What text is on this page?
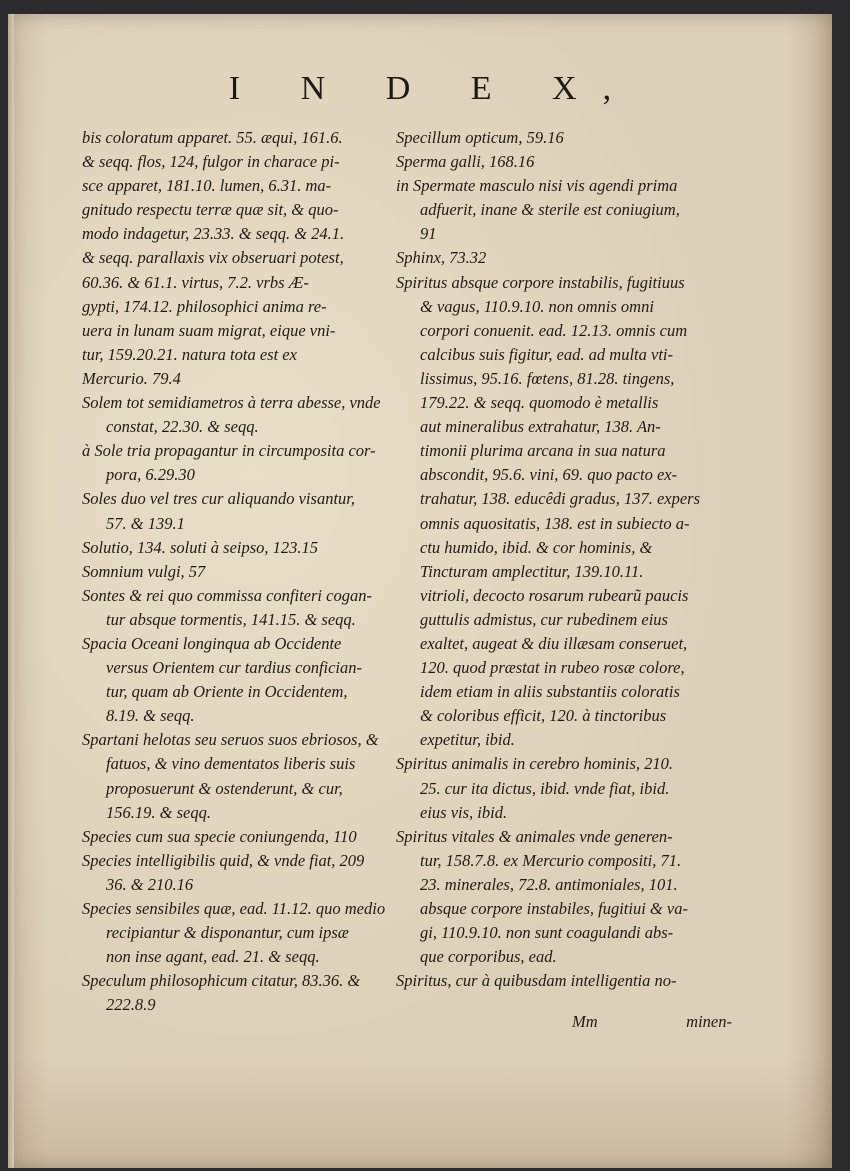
I N D E X,
bis coloratum apparet. 55. æqui, 161.6.
& seqq. flos, 124, fulgor in charace pi-
sce apparet, 181.10. lumen, 6.31. ma-
gnitudo respectu terræ quæ sit, & quo-
modo indagetur, 23.33. & seqq. & 24.1.
& seqq. parallaxis vix obseruari potest,
60.36. & 61.1. virtus, 7.2. vrbs Æ-
gypti, 174.12. philosophici anima re-
uera in lunam suam migrat, eique vni-
tur, 159.20.21. natura tota est ex
Mercurio. 79.4
Solem tot semidiametros à terra abesse, vnde
constat, 22.30. & seqq.
à Sole tria propagantur in circumposita cor-
pora, 6.29.30
Soles duo vel tres cur aliquando visantur,
57. & 139.1
Solutio, 134. soluti à seipso, 123.15
Somnium vulgi, 57
Sontes & rei quo commissa confiteri cogan-
tur absque tormentis, 141.15. & seqq.
Spacia Oceani longinqua ab Occidente
versus Orientem cur tardius confician-
tur, quam ab Oriente in Occidentem,
8.19. & seqq.
Spartani helotas seu seruos suos ebriosos, &
fatuos, & vino dementatos liberis suis
proposuerunt & ostenderunt, & cur,
156.19. & seqq.
Species cum sua specie coniungenda, 110
Species intelligibilis quid, & vnde fiat, 209
36. & 210.16
Species sensibiles quæ, ead. 11.12. quo medio
recipiantur & disponantur, cum ipsæ
non inse agant, ead. 21. & seqq.
Speculum philosophicum citatur, 83.36. &
222.8.9
Specillum opticum, 59.16
Sperma galli, 168.16
in Spermate masculo nisi vis agendi prima
adfuerit, inane & sterile est coniugium,
91
Sphinx, 73.32
Spiritus absque corpore instabilis, fugitiuus
& vagus, 110.9.10. non omnis omni
corpori conuenit. ead. 12.13. omnis cum
calcibus suis figitur, ead. ad multa vti-
lissimus, 95.16. fœtens, 81.28. tingens,
179.22. & seqq. quomodo è metallis
aut mineralibus extrahatur, 138. An-
timonii plurima arcana in sua natura
abscondit, 95.6. vini, 69. quo pacto ex-
trahatur, 138. educêdi gradus, 137. expers
omnis aquositatis, 138. est in subiecto a-
ctu humido, ibid. & cor hominis, &
Tincturam amplectitur, 139.10.11.
vitrioli, decocto rosarum rubearũ paucis
guttulis admistus, cur rubedinem eius
exaltet, augeat & diu illæsam conseruet,
120. quod præstat in rubeo rosæ colore,
idem etiam in aliis substantiis coloratis
& coloribus efficit, 120. à tinctoribus
expetitur, ibid.
Spiritus animalis in cerebro hominis, 210.
25. cur ita dictus, ibid. vnde fiat, ibid.
eius vis, ibid.
Spiritus vitales & animales vnde generen-
tur, 158.7.8. ex Mercurio compositi, 71.
23. minerales, 72.8. antimoniales, 101.
absque corpore instabiles, fugitiui & va-
gi, 110.9.10. non sunt coagulandi abs-
que corporibus, ead.
Spiritus, cur à quibusdam intelligentia no-
Mm	minen-
